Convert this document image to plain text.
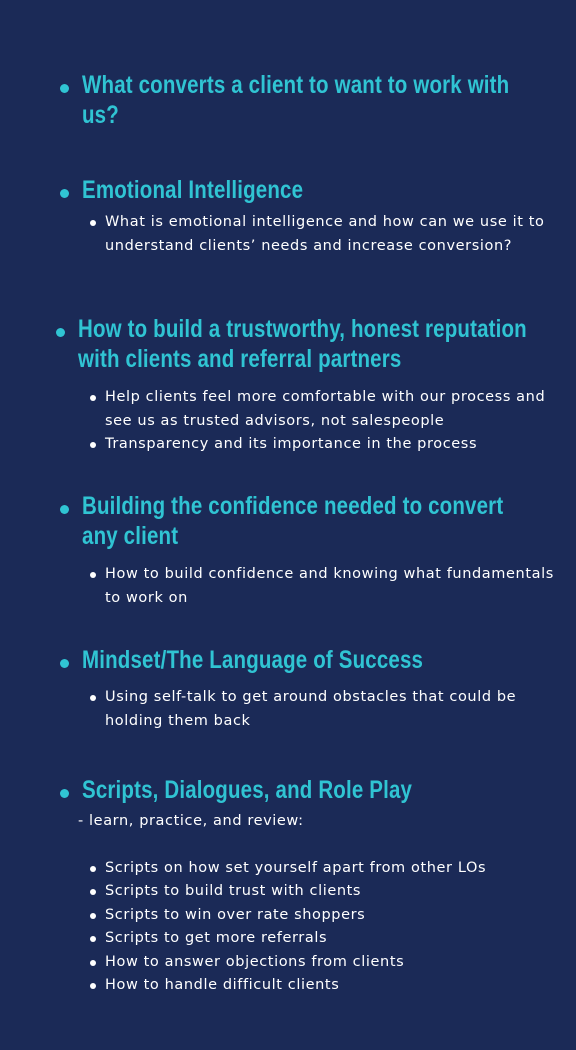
What converts a client to want to work with us?
Emotional Intelligence
What is emotional intelligence and how can we use it to understand clients’ needs and increase conversion?
How to build a trustworthy, honest reputation with clients and referral partners
Help clients feel more comfortable with our process and see us as trusted advisors, not salespeople
Transparency and its importance in the process
Building the confidence needed to convert any client
How to build confidence and knowing what fundamentals to work on
Mindset/The Language of Success
Using self-talk to get around obstacles that could be holding them back
Scripts, Dialogues, and Role Play
- learn, practice, and review:
Scripts on how set yourself apart from other LOs
Scripts to build trust with clients
Scripts to win over rate shoppers
Scripts to get more referrals
How to answer objections from clients
How to handle difficult clients
